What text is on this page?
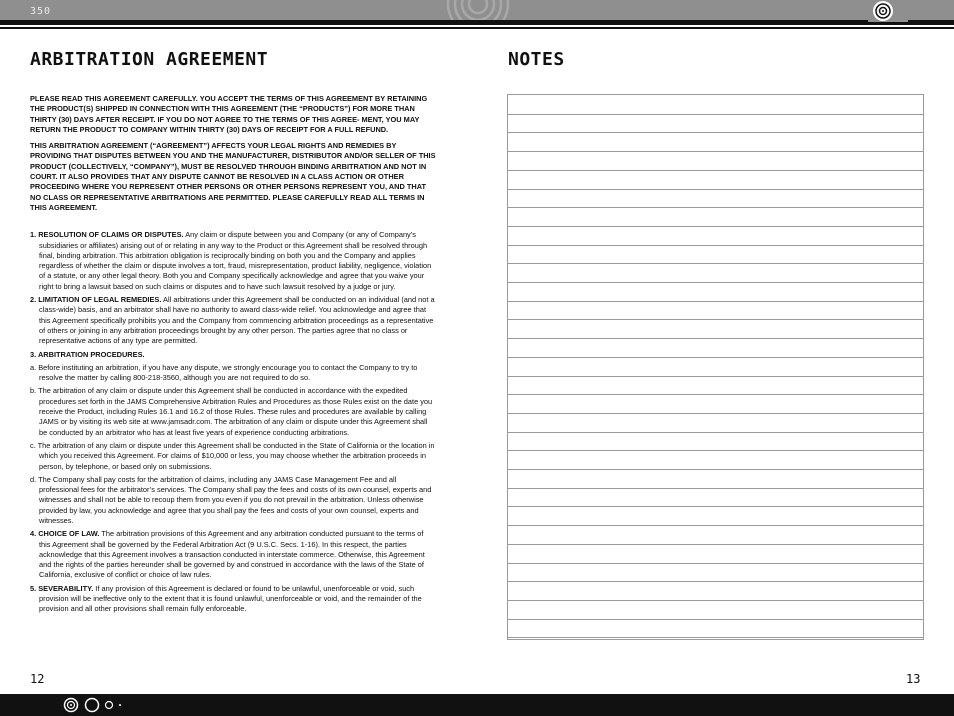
350
ARBITRATION AGREEMENT

PLEASE READ THIS AGREEMENT CAREFULLY. YOU ACCEPT THE TERMS OF THIS AGREEMENT BY RETAINING THE PRODUCT(S) SHIPPED IN CONNECTION WITH THIS AGREEMENT (THE “PRODUCTS”) FOR MORE THAN THIRTY (30) DAYS AFTER RECEIPT. IF YOU DO NOT AGREE TO THE TERMS OF THIS AGREE- MENT, YOU MAY RETURN THE PRODUCT TO COMPANY WITHIN THIRTY (30) DAYS OF RECEIPT FOR A FULL REFUND.

THIS ARBITRATION AGREEMENT (“AGREEMENT”) AFFECTS YOUR LEGAL RIGHTS AND REMEDIES BY PROVIDING THAT DISPUTES BETWEEN YOU AND THE MANUFACTURER, DISTRIBUTOR AND/OR SELLER OF THIS PRODUCT (COLLECTIVELY, “COMPANY”), MUST BE RESOLVED THROUGH BINDING ARBITRATION AND NOT IN COURT. IT ALSO PROVIDES THAT ANY DISPUTE CANNOT BE RESOLVED IN A CLASS ACTION OR OTHER PROCEEDING WHERE YOU REPRESENT OTHER PERSONS OR OTHER PERSONS REPRESENT YOU, AND THAT NO CLASS OR REPRESENTATIVE ARBITRATIONS ARE PERMITTED. PLEASE CAREFULLY READ ALL TERMS IN THIS AGREEMENT.

1. RESOLUTION OF CLAIMS OR DISPUTES. Any claim or dispute between you and Company (or any of Company’s subsidiaries or affiliates) arising out of or relating in any way to the Product or this Agreement shall be resolved through final, binding arbitration. This arbitration obligation is reciprocally binding on both you and the Company and applies regardless of whether the claim or dispute involves a tort, fraud, misrepresentation, product liability, negligence, violation of a statute, or any other legal theory. Both you and Company specifically acknowledge and agree that you waive your right to bring a lawsuit based on such claims or disputes and to have such lawsuit resolved by a judge or jury.
2. LIMITATION OF LEGAL REMEDIES. All arbitrations under this Agreement shall be conducted on an individual (and not a class-wide) basis, and an arbitrator shall have no authority to award class-wide relief. You acknowledge and agree that this Agreement specifically prohibits you and the Company from commencing arbitration proceedings as a representative of others or joining in any arbitration proceedings brought by any other person. The parties agree that no class or representative actions of any type are permitted.
3. ARBITRATION PROCEDURES.
a. Before instituting an arbitration, if you have any dispute, we strongly encourage you to contact the Company to try to resolve the matter by calling 800-218-3560, although you are not required to do so.
b. The arbitration of any claim or dispute under this Agreement shall be conducted in accordance with the expedited procedures set forth in the JAMS Comprehensive Arbitration Rules and Procedures as those Rules exist on the date you receive the Product, including Rules 16.1 and 16.2 of those Rules. These rules and procedures are available by calling JAMS or by visiting its web site at www.jamsadr.com. The arbitration of any claim or dispute under this Agreement shall be conducted by an arbitrator who has at least five years of experience conducting arbitrations.
c. The arbitration of any claim or dispute under this Agreement shall be conducted in the State of California or the location in which you received this Agreement. For claims of $10,000 or less, you may choose whether the arbitration proceeds in person, by telephone, or based only on submissions.
d. The Company shall pay costs for the arbitration of claims, including any JAMS Case Management Fee and all professional fees for the arbitrator’s services. The Company shall pay the fees and costs of its own counsel, experts and witnesses and shall not be able to recoup them from you even if you do not prevail in the arbitration. Unless otherwise provided by law, you acknowledge and agree that you shall pay the fees and costs of your own counsel, experts and witnesses.
4. CHOICE OF LAW. The arbitration provisions of this Agreement and any arbitration conducted pursuant to the terms of this Agreement shall be governed by the Federal Arbitration Act (9 U.S.C. Secs. 1-16). In this respect, the parties acknowledge that this Agreement involves a transaction conducted in interstate commerce. Otherwise, this Agreement and the rights of the parties hereunder shall be governed by and construed in accordance with the laws of the State of California, exclusive of conflict or choice of law rules.
5. SEVERABILITY. If any provision of this Agreement is declared or found to be unlawful, unenforceable or void, such provision will be ineffective only to the extent that it is found unlawful, unenforceable or void, and the remainder of the provision and all other provisions shall remain fully enforceable.
NOTES
12	13
